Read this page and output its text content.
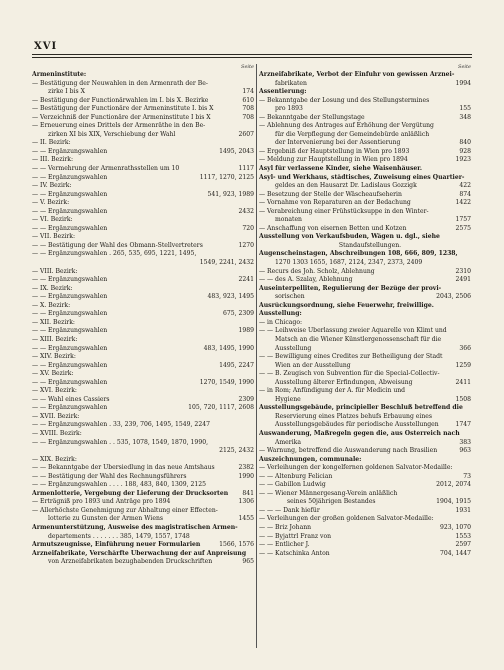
XVI
Seite
Armeninstitute:
— Bestätigung der Neuwahlen in den Armenrath der Be-
zirke I bis X	174
— Bestätigung der Functionärwahlen im I. bis X. Bezirke	610
— Bestätigung der Functionäre der Armeninstitute I. bis X	708
— Verzeichniß der Functionäre der Armeninstitute I bis X	708
— Erneuerung eines Drittels der Armenräthe in den Be-
zirken XI bis XIX, Verschiebung der Wahl	2607
— II. Bezirk:
— — Ergänzungswahlen	1495, 2043
— III. Bezirk:
— — Vermehrung der Armenrathsstellen um 10	1117
— — Ergänzungswahlen	1117, 1270, 2125
— IV. Bezirk:
— — Ergänzungswahlen	541, 923, 1989
— V. Bezirk:
— — Ergänzungswahlen	2432
— VI. Bezirk:
— — Ergänzungswahlen	720
— VII. Bezirk:
— — Bestätigung der Wahl des Obmann-Stellvertreters	1270
— — Ergänzungswahlen . 265, 535, 695, 1221, 1495,
1549, 2241, 2432
— VIII. Bezirk:
— — Ergänzungswahlen	2241
— IX. Bezirk:
— — Ergänzungswahlen	483, 923, 1495
— X. Bezirk:
— — Ergänzungswahlen	675, 2309
— XII. Bezirk:
— — Ergänzungswahlen	1989
— XIII. Bezirk:
— — Ergänzungswahlen	483, 1495, 1990
— XIV. Bezirk:
— — Ergänzungswahlen	1495, 2247
— XV. Bezirk:
— — Ergänzungswahlen	1270, 1549, 1990
— XVI. Bezirk:
— — Wahl eines Cassiers	2309
— — Ergänzungswahlen	105, 720, 1117, 2608
— XVII. Bezirk:
— — Ergänzungswahlen . 33, 239, 706, 1495, 1549, 2247
— XVIII. Bezirk:
— — Ergänzungswahlen . . 535, 1078, 1549, 1870, 1990,
2125, 2432
— XIX. Bezirk:
— — Bekanntgabe der Übersiedlung in das neue Amtshaus	2382
— — Bestätigung der Wahl des Rechnungsführers	1990
— — Ergänzungswahlen . . . . 188, 483, 840, 1309, 2125
Armenlotterie, Vergebung der Lieferung der Drucksorten 841
— Erträgniß pro 1893 und Anträge pro 1894	1306
— Allerhöchste Genehmigung zur Abhaltung einer Effecten-
lotterie zu Gunsten der Armen Wiens	1455
Armenunterstützung, Ausweise des magistratischen Armen-
departements . . . . . . . 385, 1479, 1557, 1748
Armutszeugnisse, Einführung neuer Formularien	1566, 1576
Arzneifabrikate, Verschärfte Überwachung der auf Anpreisung
von Arzneifabrikaten bezughabenden Druckschriften	965
Seite
Arzneifabrikate, Verbot der Einfuhr von gewissen Arznei-
fabrikaten	1994
Assentierung:
— Bekanntgabe der Losung und des Stellungstermines
pro 1893	155
— Bekanntgabe der Stellungstage	348
— Ablehnung des Antrages auf Erhöhung der Vergütung
für die Verpflegung der Gemeindebürde anläßlich
der Intervenierung bei der Assentierung	840
— Ergebniß der Hauptstellung in Wien pro 1893	928
— Meldung zur Hauptstellung in Wien pro 1894	1923
Asyl für verlassene Kinder, siehe Waisenhäuser.
Asyl- und Werkhaus, städtisches, Zuweisung eines Quartier-
geldes an den Hausarzt Dr. Ladislaus Gozzigk	422
— Besetzung der Stelle der Wäscheaufseherin	874
— Vornahme von Reparaturen an der Bedachung	1422
— Verabreichung einer Frühstücksuppe in den Winter-
monaten	1757
— Anschaffung von eisernen Betten und Kotzen	2575
Ausstellung von Verkaufsbuden, Wägen u. dgl., siehe
Standaufstellungen.
Augenscheinstagen, Abschreibungen 108, 666, 809, 1238,
1270 1303 1655, 1687, 2124, 2347, 2373, 2409
— Recurs des Joh. Scholz, Ablehnung	2310
— — des A. Szalay, Ablehnung	2491
Auseinterpelliten, Regulierung der Bezüge der provi-
sorischen	2043, 2506
Ausrückungsordnung, siehe Feuerwehr, freiwillige.
Ausstellung:
— in Chicago:
— — Leihweise Überlassung zweier Aquarelle von Klimt und
Matsch an die Wiener Künstlergenossenschaft für die
Ausstellung	366
— — Bewilligung eines Credites zur Betheiligung der Stadt
Wien an der Ausstellung	1259
— — B. Zeugisch von Subvention für die Special-Collectiv-
Ausstellung älterer Erfindungen, Abweisung	2411
— in Rom; Anfündigung der A. für Medicin und
Hygiene	1508
Ausstellungsgebäude, principieller Beschluß betreffend die
Reservierung eines Platzes behufs Erbauung eines
Ausstellungsgebäudes für periodische Ausstellungen	1747
Auswanderung, Maßregeln gegen die, aus Österreich nach
Amerika	383
— Warnung, betreffend die Auswanderung nach Brasilien	963
Auszeichnungen, communale:
— Verleihungen der kongelfernen goldenen Salvator-Medaille:
— — Altenburg Felician	73
— — Gabillon Ludwig	2012, 2074
— — Wiener Männergesang-Verein anläßlich
seines 50jährigen Bestandes	1904, 1915
— — — Dank hiefür	1931
— Verleihungen der großen goldenen Salvator-Medaille:
— — Briz Johann	923, 1070
— — Byjattrl Franz von	1553
— — Entlicher J.	2597
— — Katschinka Anton	704, 1447
